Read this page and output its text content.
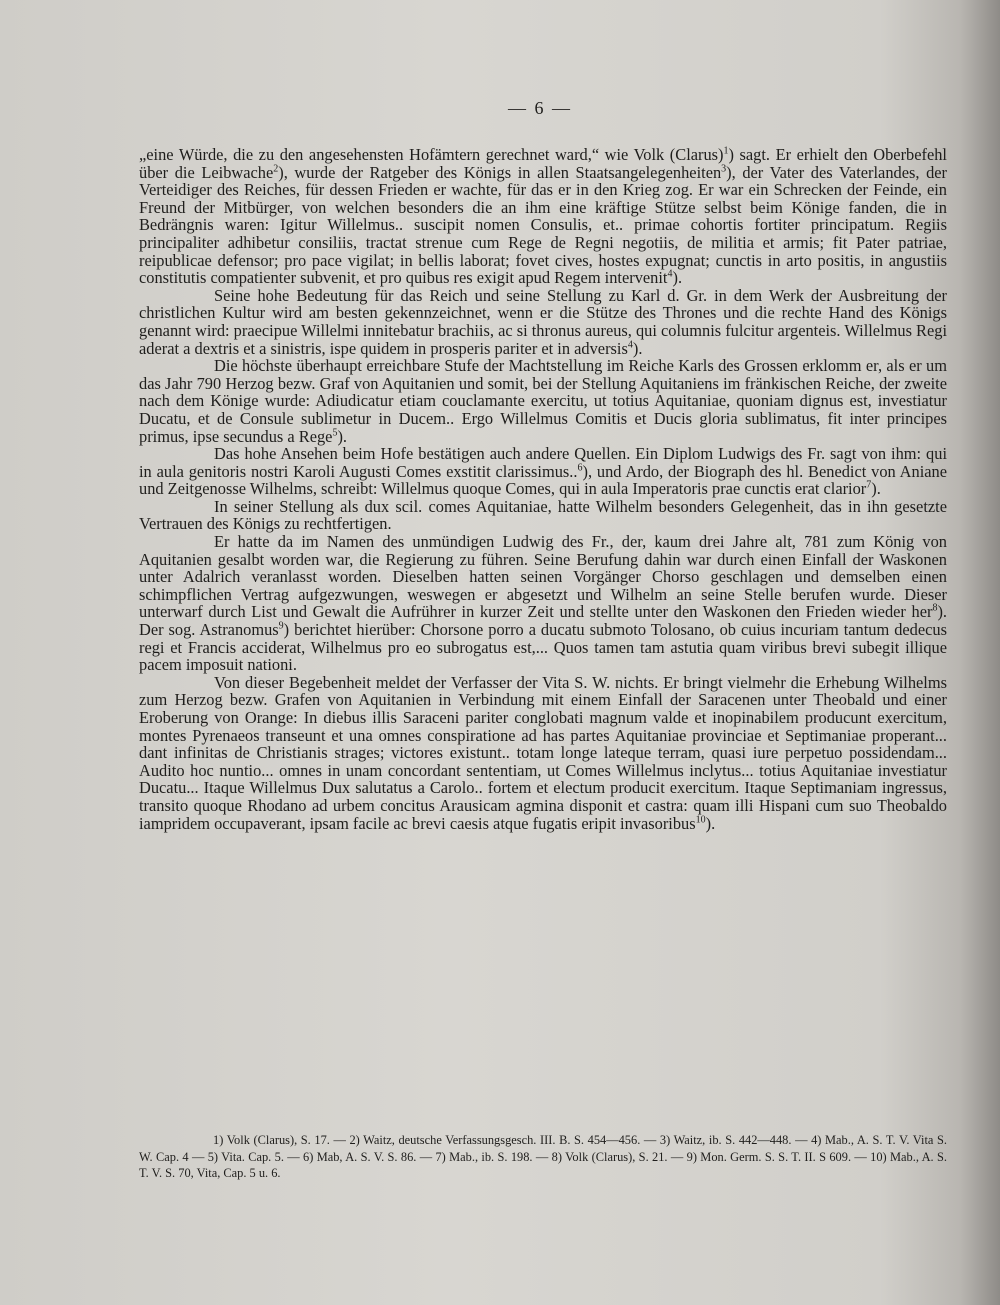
— 6 —

„eine Würde, die zu den angesehensten Hofämtern gerechnet ward,“ wie Volk (Clarus)$^1$) sagt. Er erhielt den Oberbefehl über die Leibwache$^2$), wurde der Ratgeber des Königs in allen Staatsangelegenheiten$^3$), der Vater des Vaterlandes, der Verteidiger des Reiches, für dessen Frieden er wachte, für das er in den Krieg zog. Er war ein Schrecken der Feinde, ein Freund der Mitbürger, von welchen besonders die an ihm eine kräftige Stütze selbst beim Könige fanden, die in Bedrängnis waren: Igitur Willelmus.. suscipit nomen Consulis, et.. primae cohortis fortiter principatum. Regiis principaliter adhibetur consiliis, tractat strenue cum Rege de Regni negotiis, de militia et armis; fit Pater patriae, reipublicae defensor; pro pace vigilat; in bellis laborat; fovet cives, hostes expugnat; cunctis in arto positis, in angustiis constitutis compatienter subvenit, et pro quibus res exigit apud Regem intervenit$^4$).

Seine hohe Bedeutung für das Reich und seine Stellung zu Karl d. Gr. in dem Werk der Ausbreitung der christlichen Kultur wird am besten gekennzeichnet, wenn er die Stütze des Thrones und die rechte Hand des Königs genannt wird: praecipue Willelmi innitebatur brachiis, ac si thronus aureus, qui columnis fulcitur argenteis. Willelmus Regi aderat a dextris et a sinistris, ispe quidem in prosperis pariter et in adversis$^4$).

Die höchste überhaupt erreichbare Stufe der Machtstellung im Reiche Karls des Grossen erklomm er, als er um das Jahr 790 Herzog bezw. Graf von Aquitanien und somit, bei der Stellung Aquitaniens im fränkischen Reiche, der zweite nach dem Könige wurde: Adiudicatur etiam couclamante exercitu, ut totius Aquitaniae, quoniam dignus est, investiatur Ducatu, et de Consule sublimetur in Ducem.. Ergo Willelmus Comitis et Ducis gloria sublimatus, fit inter principes primus, ipse secundus a Rege$^5$).

Das hohe Ansehen beim Hofe bestätigen auch andere Quellen. Ein Diplom Ludwigs des Fr. sagt von ihm: qui in aula genitoris nostri Karoli Augusti Comes exstitit clarissimus..$^6$), und Ardo, der Biograph des hl. Benedict von Aniane und Zeitgenosse Wilhelms, schreibt: Willelmus quoque Comes, qui in aula Imperatoris prae cunctis erat clarior$^7$).

In seiner Stellung als dux scil. comes Aquitaniae, hatte Wilhelm besonders Gelegenheit, das in ihn gesetzte Vertrauen des Königs zu rechtfertigen.

Er hatte da im Namen des unmündigen Ludwig des Fr., der, kaum drei Jahre alt, 781 zum König von Aquitanien gesalbt worden war, die Regierung zu führen. Seine Berufung dahin war durch einen Einfall der Waskonen unter Adalrich veranlasst worden. Dieselben hatten seinen Vorgänger Chorso geschlagen und demselben einen schimpflichen Vertrag aufgezwungen, weswegen er abgesetzt und Wilhelm an seine Stelle berufen wurde. Dieser unterwarf durch List und Gewalt die Aufrührer in kurzer Zeit und stellte unter den Waskonen den Frieden wieder her$^8$). Der sog. Astranomus$^9$) berichtet hierüber: Chorsone porro a ducatu submoto Tolosano, ob cuius incuriam tantum dedecus regi et Francis acciderat, Wilhelmus pro eo subrogatus est,... Quos tamen tam astutia quam viribus brevi subegit illique pacem imposuit nationi.

Von dieser Begebenheit meldet der Verfasser der Vita S. W. nichts. Er bringt vielmehr die Erhebung Wilhelms zum Herzog bezw. Grafen von Aquitanien in Verbindung mit einem Einfall der Saracenen unter Theobald und einer Eroberung von Orange: In diebus illis Saraceni pariter conglobati magnum valde et inopinabilem producunt exercitum, montes Pyrenaeos transeunt et una omnes conspiratione ad has partes Aquitaniae provinciae et Septimaniae properant... dant infinitas de Christianis strages; victores existunt.. totam longe lateque terram, quasi iure perpetuo possidendam... Audito hoc nuntio... omnes in unam concordant sententiam, ut Comes Willelmus inclytus... totius Aquitaniae investiatur Ducatu... Itaque Willelmus Dux salutatus a Carolo.. fortem et electum producit exercitum. Itaque Septimaniam ingressus, transito quoque Rhodano ad urbem concitus Arausicam agmina disponit et castra: quam illi Hispani cum suo Theobaldo iampridem occupaverant, ipsam facile ac brevi caesis atque fugatis eripit invasoribus$^{10}$).

1) Volk (Clarus), S. 17. — 2) Waitz, deutsche Verfassungsgesch. III. B. S. 454—456. — 3) Waitz, ib. S. 442—448. — 4) Mab., A. S. T. V. Vita S. W. Cap. 4 — 5) Vita. Cap. 5. — 6) Mab, A. S. V. S. 86. — 7) Mab., ib. S. 198. — 8) Volk (Clarus), S. 21. — 9) Mon. Germ. S. S. T. II. S 609. — 10) Mab., A. S. T. V. S. 70, Vita, Cap. 5 u. 6.
